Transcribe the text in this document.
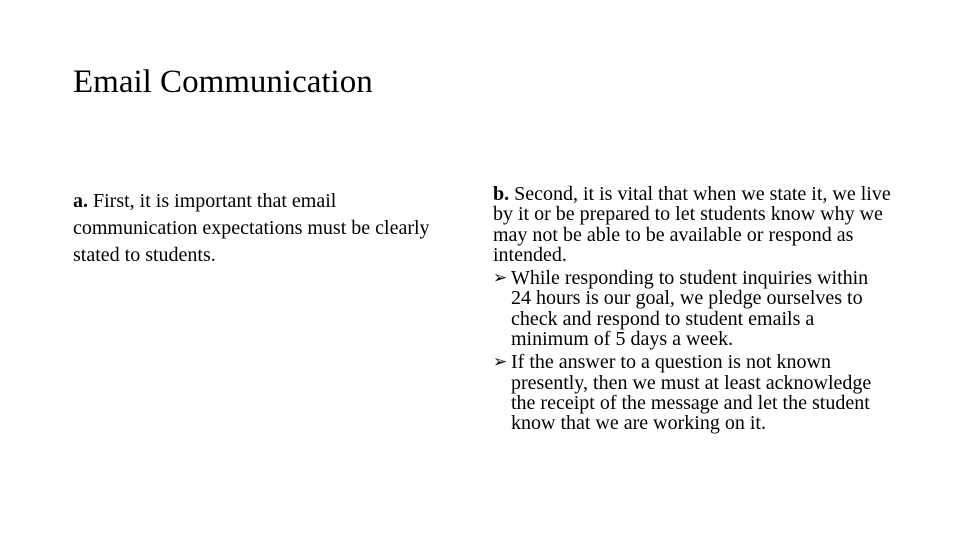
Email Communication

a. First, it is important that email communication expectations must be clearly stated to students.

b. Second, it is vital that when we state it, we live by it or be prepared to let students know why we may not be able to be available or respond as intended.

➢ While responding to student inquiries within 24 hours is our goal, we pledge ourselves to check and respond to student emails a minimum of 5 days a week.
➢ If the answer to a question is not known presently, then we must at least acknowledge the receipt of the message and let the student know that we are working on it.
